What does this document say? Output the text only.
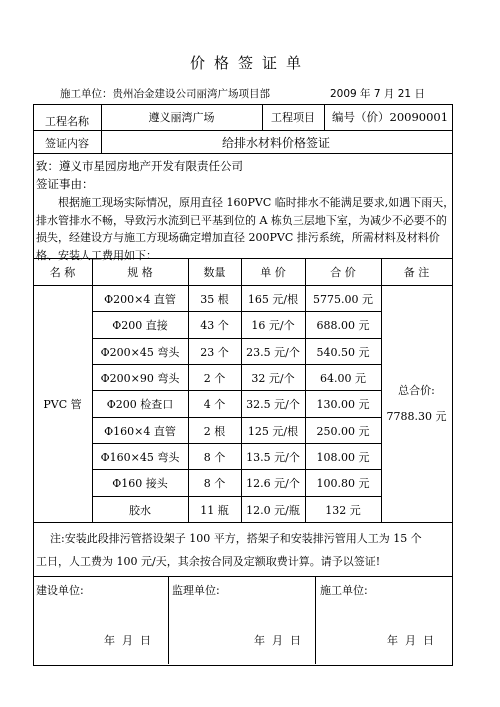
价格签证单
施工单位：贵州冶金建设公司丽湾广场项目部	2009 年 7 月 21 日
工程名称	遵义丽湾广场	工程项目	编号（价）20090001
签证内容	给排水材料价格签证
致：遵义市星园房地产开发有限责任公司
签证事由：
根据施工现场实际情况，原用直径 160PVC 临时排水不能满足要求,如遇下雨天，排水管排水不畅，导致污水流到已平基到位的 A 栋负三层地下室，为减少不必要不的损失，经建设方与施工方现场确定增加直径 200PVC 排污系统，所需材料及材料价格、安装人工费用如下：
名 称	规 格	数量	单 价	合 价	备 注
PVC 管
总合价:
7788.30 元
Φ200×4 直管	35 根	165 元/根	5775.00 元
Φ200 直接	43 个	16 元/个	688.00 元
Φ200×45 弯头	23 个	23.5 元/个	540.50 元
Φ200×90 弯头	2 个	32 元/个	64.00 元
Φ200 检查口	4 个	32.5 元/个	130.00 元
Φ160×4 直管	2 根	125 元/根	250.00 元
Φ160×45 弯头	8 个	13.5 元/个	108.00 元
Φ160 接头	8 个	12.6 元/个	100.80 元
胶水	11 瓶	12.0 元/瓶	132 元
注:安装此段排污管搭设架子 100 平方，搭架子和安装排污管用人工为 15 个
工日，人工费为 100 元/天，其余按合同及定额取费计算。请予以签证!
建设单位:	监理单位:	施工单位:
年  月  日	年  月  日	年  月  日
